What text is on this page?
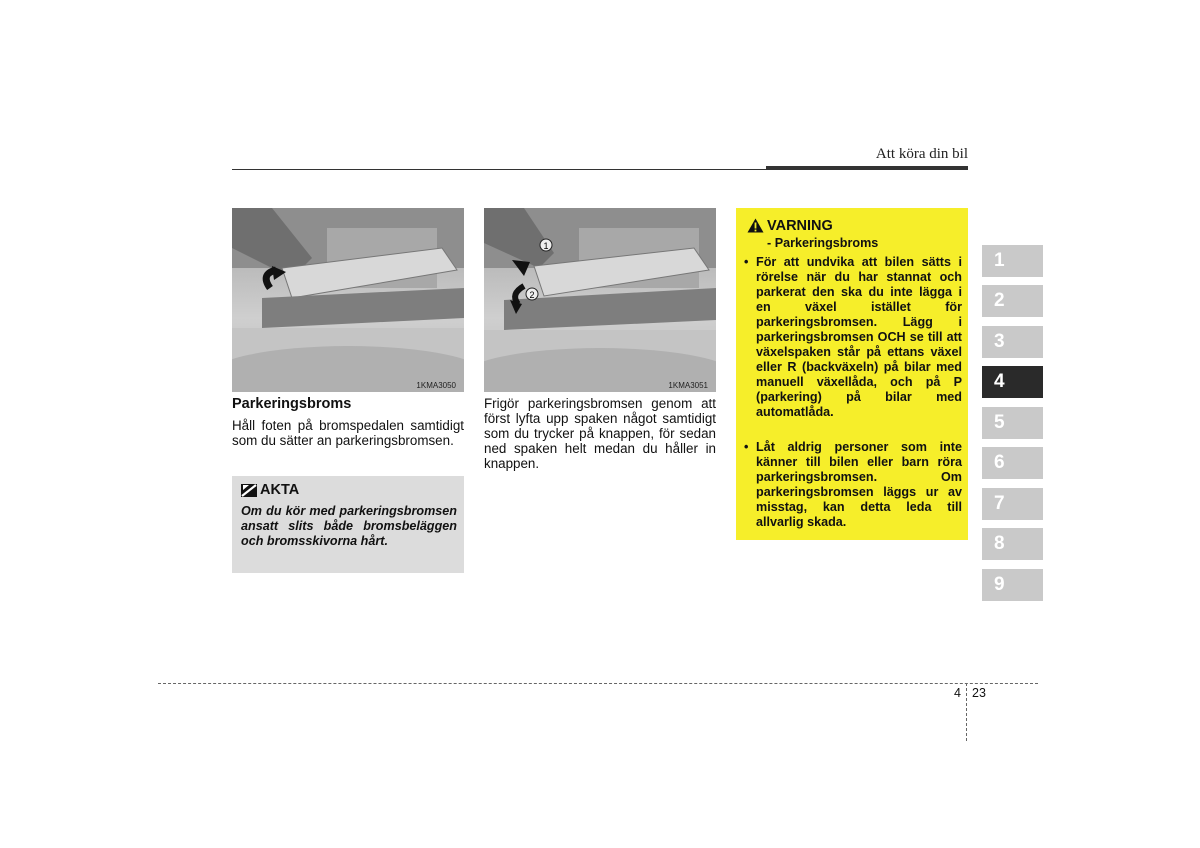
Att köra din bil
1KMA3050
1
2
1KMA3051
Parkeringsbroms
Håll foten på bromspedalen samtidigt som du sätter an parkeringsbromsen.
AKTA
Om du kör med parkeringsbromsen ansatt slits både bromsbeläggen och bromsskivorna hårt.
Frigör parkeringsbromsen genom att först lyfta upp spaken något samtidigt som du trycker på knappen, för sedan ned spaken helt medan du håller in knappen.
VARNING
- Parkeringsbroms
• För att undvika att bilen sätts i rörelse när du har stannat och parkerat den ska du inte lägga i en växel istället för parkeringsbromsen. Lägg i parkeringsbromsen OCH se till att växelspaken står på ettans växel eller R (backväxeln) på bilar med manuell växellåda, och på P (parkering) på bilar med automatlåda.
• Låt aldrig personer som inte känner till bilen eller barn röra parkeringsbromsen. Om parkeringsbromsen läggs ur av misstag, kan detta leda till allvarlig skada.
1
2
3
4
5
6
7
8
9
4 23
